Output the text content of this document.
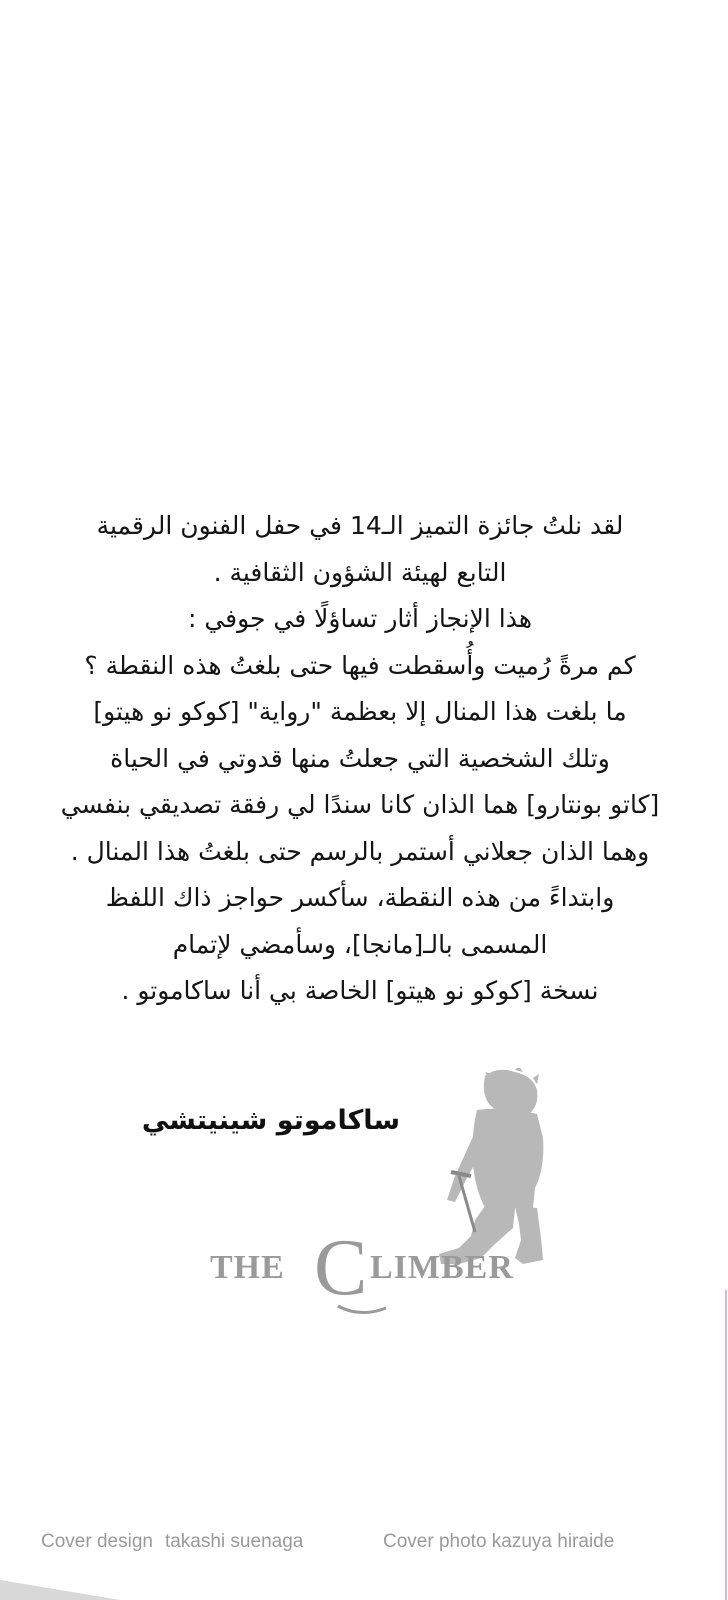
لقد نلتُ جائزة التميز الـ14 في حفل الفنون الرقمية
التابع لهيئة الشؤون الثقافية .
هذا الإنجاز أثار تساؤلًا في جوفي :
كم مرةً رُميت وأُسقطت فيها حتى بلغتُ هذه النقطة ؟
ما بلغت هذا المنال إلا بعظمة "رواية" [كوكو نو هيتو]
وتلك الشخصية التي جعلتُ منها قدوتي في الحياة
[كاتو بونتارو] هما الذان كانا سندًا لي رفقة تصديقي بنفسي
وهما الذان جعلاني أستمر بالرسم حتى بلغتُ هذا المنال .
وابتداءً من هذه النقطة، سأكسر حواجز ذاك اللفظ
المسمى بالـ[مانجا]، وسأمضي لإتمام
نسخة [كوكو نو هيتو] الخاصة بي أنا ساكاموتو .
ساكاموتو شينيتشي
THE C LIMBER
Cover design takashi suenaga	Cover photo kazuya hiraide
